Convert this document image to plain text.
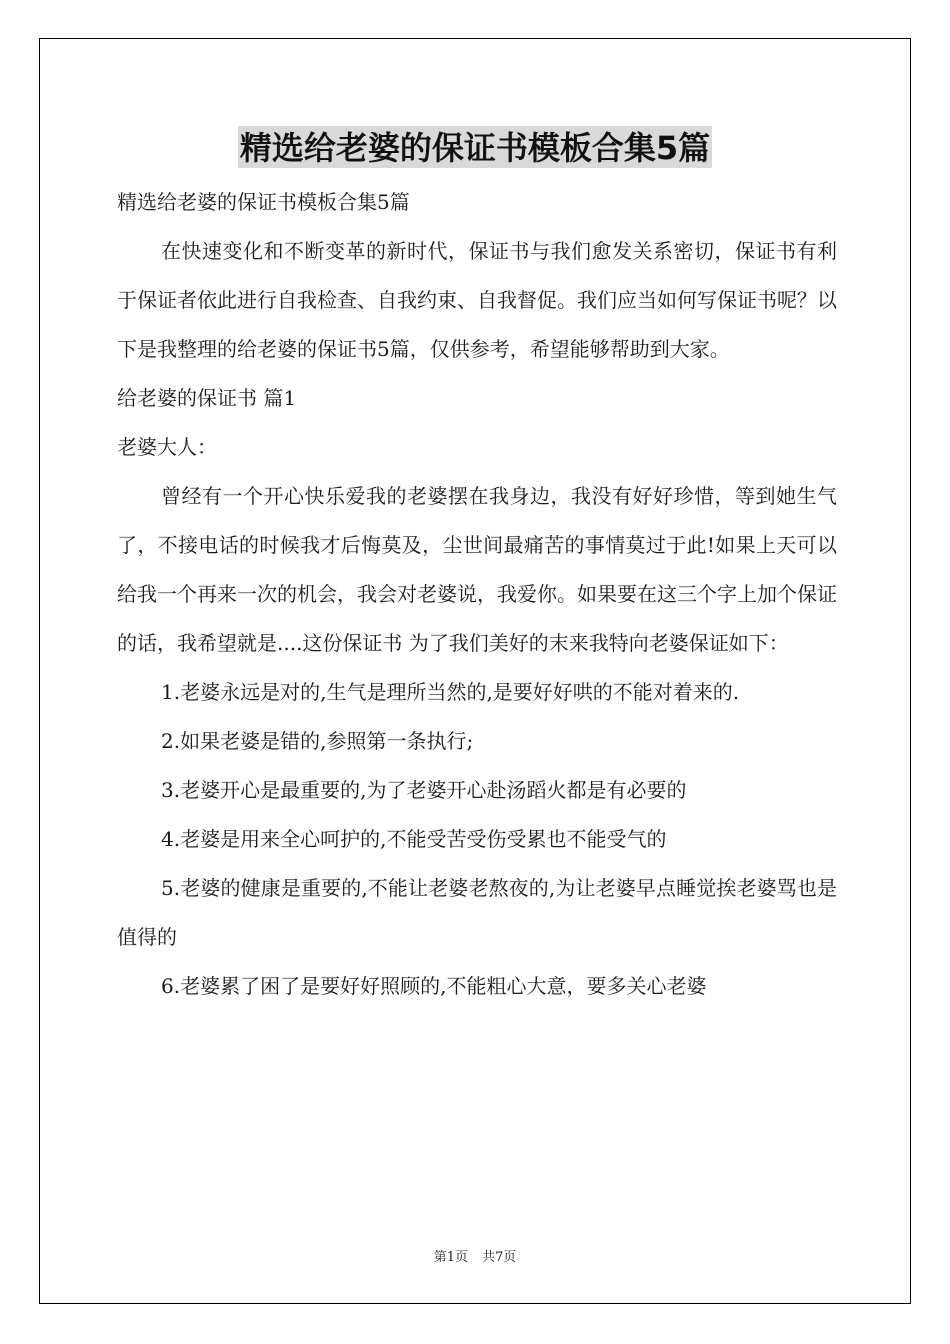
精选给老婆的保证书模板合集5篇

精选给老婆的保证书模板合集5篇

在快速变化和不断变革的新时代，保证书与我们愈发关系密切，保证书有利于保证者依此进行自我检查、自我约束、自我督促。我们应当如何写保证书呢？以下是我整理的给老婆的保证书5篇，仅供参考，希望能够帮助到大家。

给老婆的保证书 篇1

老婆大人：

曾经有一个开心快乐爱我的老婆摆在我身边，我没有好好珍惜，等到她生气了，不接电话的时候我才后悔莫及，尘世间最痛苦的事情莫过于此!如果上天可以给我一个再来一次的机会，我会对老婆说，我爱你。如果要在这三个字上加个保证的话，我希望就是....这份保证书 为了我们美好的末来我特向老婆保证如下：

1.老婆永远是对的,生气是理所当然的,是要好好哄的不能对着来的.

2.如果老婆是错的,参照第一条执行;

3.老婆开心是最重要的,为了老婆开心赴汤蹈火都是有必要的

4.老婆是用来全心呵护的,不能受苦受伤受累也不能受气的

5.老婆的健康是重要的,不能让老婆老熬夜的,为让老婆早点睡觉挨老婆骂也是值得的

6.老婆累了困了是要好好照顾的,不能粗心大意，要多关心老婆

第1页 共7页
